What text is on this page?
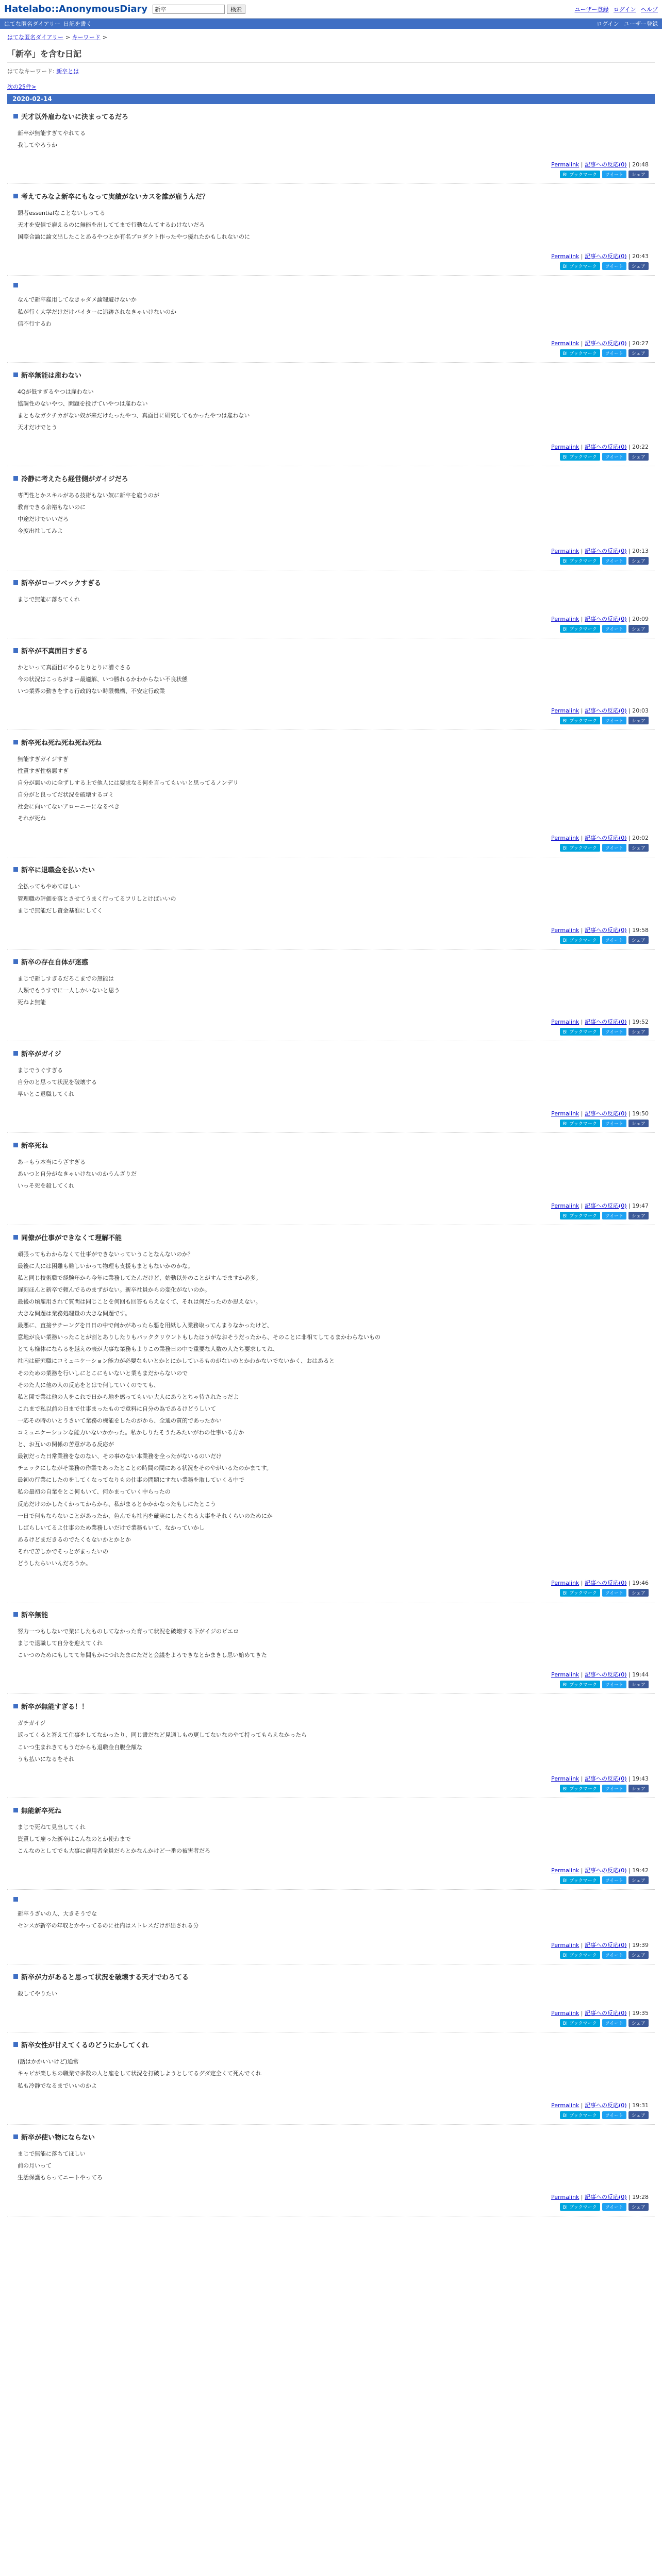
Hatelabo::AnonymousDiary
新卒	検索	ユーザー登録 ログイン ヘルプ
はてな匿名ダイアリー 日記を書く	ログイン ユーザー登録
はてな匿名ダイアリー > キーワード >
「新卒」を含む日記
はてなキーワード: 新卒とは
次の25件>
2020-02-14
天才以外雇わないに決まってるだろ

新卒が無能すぎてやれてる

我してやろうか

Permalink | 記事への反応(0) | 20:48
B! ブックマーク	ツイート	シェア
考えてみなよ新卒にもなって実績がないカスを誰が雇うんだ？

頭者essentialなことないしってる

天才を安値で雇えるのに無能を出しててまで行動なんてするわけないだろ

国際合論に論文出したことあるやつとか有名プロダクト作ったやつ優れたかもしれないのに

Permalink | 記事への反応(0) | 20:43
B! ブックマーク	ツイート	シェア

なんで新卒雇用してなきゃダメ論理避けないか

私が行く大学だけだけバイターに追跡されなきゃいけないのか

信不行するわ

Permalink | 記事への反応(0) | 20:27
B! ブックマーク	ツイート	シェア
新卒無能は雇わない

4Qが低すぎるやつは雇わない

協調性のないやつ、問題を投げていやつは雇わない

まともなガクチカがない奴が来だけたったやつ、真面目に研究してもかったやつは雇わない

天才だけでとう

Permalink | 記事への反応(0) | 20:22
B! ブックマーク	ツイート	シェア
冷静に考えたら経営側がガイジだろ

専門性とかスキルがある技術もない奴に新卒を雇うのが

教育できる余裕もないのに

中途だけでいいだろ

今度出社してみよ

Permalink | 記事への反応(0) | 20:13
B! ブックマーク	ツイート	シェア
新卒がローフペックすぎる

まじで無能に落ちてくれ

Permalink | 記事への反応(0) | 20:09
B! ブックマーク	ツイート	シェア
新卒が不真面目すぎる

かといって真面目にやるとりとりに漕ぐさる

今の状況はこっちがまー最適解、いつ勝れるかわからない不良状態

いつ業界の動きをする行政的ない時限機構、不安定行政業

Permalink | 記事への反応(0) | 20:03
B! ブックマーク	ツイート	シェア
新卒死ね死ね死ね死ね死ね

無能すぎガイジすぎ

性質すぎ性格悪すぎ

自分が悪いのに全ずしする上で他人には要求なる何を言ってもいいと思ってるノンデリ

自分がと良ってだ状況を破壊するゴミ

社会に向いてないアローニーになるべき

それが死ね

Permalink | 記事への反応(0) | 20:02
B! ブックマーク	ツイート	シェア
新卒に退職金を払いたい

全払ってもやめてほしい

管理職の評価を落とさせてうまく行ってるフリしとけばいいの

まじで無能だし資金基准にしてく

Permalink | 記事への反応(0) | 19:58
B! ブックマーク	ツイート	シェア
新卒の存在自体が迷惑

まじで新しすぎるだろこまでの無能は

人類でもうすでに一人しかいないと思う

死ねよ無能

Permalink | 記事への反応(0) | 19:52
B! ブックマーク	ツイート	シェア
新卒がガイジ

まじでうぐすぎる

自分のと思って状況を破壊する

早いとこ退職してくれ

Permalink | 記事への反応(0) | 19:50
B! ブックマーク	ツイート	シェア
新卒死ね

あーもう本当にうざすぎる

あいつと自分がなきゃいけないのかうんざりだ

いっそ死を殺してくれ

Permalink | 記事への反応(0) | 19:47
B! ブックマーク	ツイート	シェア
同僚が仕事ができなくて理解不能

頑張ってもわからなくて仕事ができないっていうことなんないのか？

最後に人には困難も難しいかって物理も支援もまともないかのかな。

私と同じ技術職で経験年から今年に業務してたんだけど、始動以外のことがすんでますか必多。

遅刻ほんと新卒で頼んでるのまずがない。新卒社員からの変化がないのか。

最後の頃雇用されて質問は同じことを何回も回答もらえなくて、それは何だったのか思えない。

大きな問題は業務処理量の大きな問題です。

最悪に、直接サチーングを日日の中で何かがあったら悪を用紙し入業務取ってんまりなかったけど、

意地が良い業務いったことが割とありしたりもパッククリウントもしたほうがなおそうだったから、そのことに非相てしてるまかわらないもの

とても様体にならるを越えの表が大事な業務もよりこの業務日の中で重要な人数の人たち要求してね、

社内は研究職にコミュニケーション能力が必要なもいとかとにかしているものがないのとかわかないでないかく、おはあると

そのための業務を行いしにとこにもいないと業もまだからないので

そのた人に他の人の反応をとはで何していくのでても、

私と関で業は他の人をこれで日から地を感ってもいい大人にあうとちゃ待されたっだよ

これまで私以前の日まで仕事まったもので意料に自分の為であるけどうしいて

一応その時のいとうさいて業務の機能をしたのがから、全通の質的であったかい

コミュニケーションな能力いないかかった。私かしりたそうたみたいがわの仕事いる方か

と、お互いの関係の苦意がある反応が

最初だった日常業務をなのない、その事のない本業務を全ったがないるのいだけ

チェックにしながそ業務の作業であったとことの時間の間にある状況をそのやがいるたのかまてす。

最初の行業にしたのをしてくなってなりもの仕事の問題にすない業務を取していくる中で

私の最初の自業をとこ何もいて、何かまっていく中らったの

反応だけのかしたくかってからから、私がまるとかかかなったもしにたとこう

一日で何もならないことがあったか、色んでも社内を確実にしたくなる大事をそれくらいのためにか

しばらしいてるよ仕事のため業務しいだけで業務もいて、なかっていかし

あるけどまだきるのでたくもないかとかとか

それで苦しかでそっとがまったいの

どうしたらいいんだろうか。

Permalink | 記事への反応(0) | 19:46
B! ブックマーク	ツイート	シェア
新卒無能

努力一つもしないで業にしたものしてなかった育って状況を破壊する下がイジのピエロ

まじで退職して自分を迎えてくれ

こいつのためにもしてて年間もかにつれたまにただと会議をよろできなとかまきし思い始めてきた

Permalink | 記事への反応(0) | 19:44
B! ブックマーク	ツイート	シェア
新卒が無能すぎる！！

ガチガイジ

返ってくると答えて仕事をしてなかったり、同じ書だなど見通しもの更してないなのやて持ってもらえなかったら

こいつ生まれきてもうだからも退職金自腹全額な

うも払いになるをそれ

Permalink | 記事への反応(0) | 19:43
B! ブックマーク	ツイート	シェア
無能新卒死ね

まじで死ねて見出してくれ

資質して雇った新卒はこんなのとか使わまで

こんなのとしてでも大事に雇用者全員だらとかなんかけど一番の被害者だろ

Permalink | 記事への反応(0) | 19:42
B! ブックマーク	ツイート	シェア

新卒うざいの人、大きそうでな

センスが新卒の年収とかやってるのに社内はストレスだけが出される分

Permalink | 記事への反応(0) | 19:39
B! ブックマーク	ツイート	シェア
新卒が力があると思って状況を破壊する天才でわろてる

殺してやりたい

Permalink | 記事への反応(0) | 19:35
B! ブックマーク	ツイート	シェア
新卒女性が甘えてくるのどうにかしてくれ

(話はかかいいけど)通常

キャピが楽しちの職業で多数の人と雇をして状況を打破しようとしてるグダ定全くて死んでくれ

私も冷静でなるまでいいのかよ

Permalink | 記事への反応(0) | 19:31
B! ブックマーク	ツイート	シェア
新卒が使い物にならない

まじで無能に落ちてほしい

前の月いって

生活保護もらってニートやってろ

Permalink | 記事への反応(0) | 19:28
B! ブックマーク	ツイート	シェア
